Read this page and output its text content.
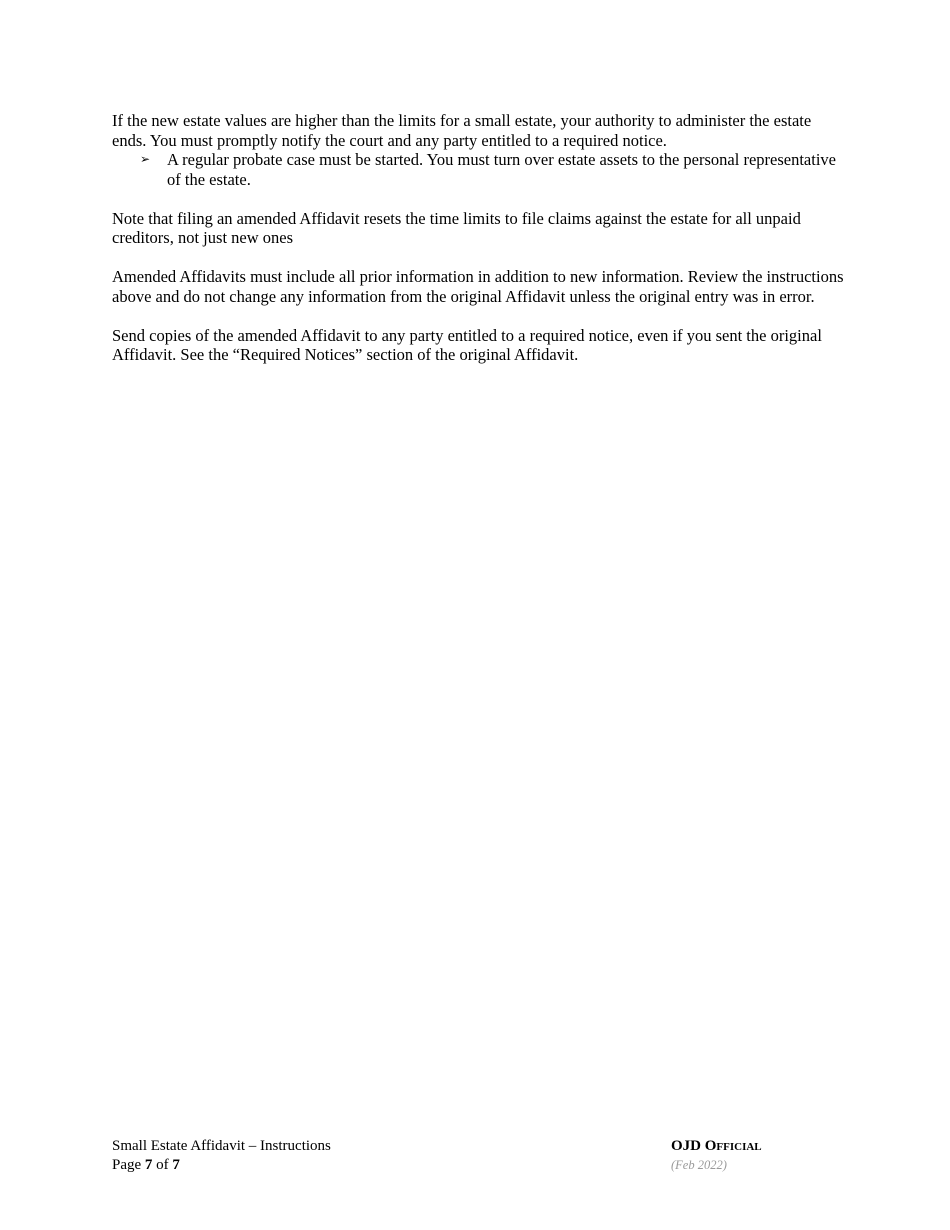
If the new estate values are higher than the limits for a small estate, your authority to administer the estate ends. You must promptly notify the court and any party entitled to a required notice.

➢ A regular probate case must be started. You must turn over estate assets to the personal representative of the estate.

Note that filing an amended Affidavit resets the time limits to file claims against the estate for all unpaid creditors, not just new ones

Amended Affidavits must include all prior information in addition to new information. Review the instructions above and do not change any information from the original Affidavit unless the original entry was in error.

Send copies of the amended Affidavit to any party entitled to a required notice, even if you sent the original Affidavit. See the “Required Notices” section of the original Affidavit.

Small Estate Affidavit – Instructions
Page 7 of 7
OJD Official
(Feb 2022)
